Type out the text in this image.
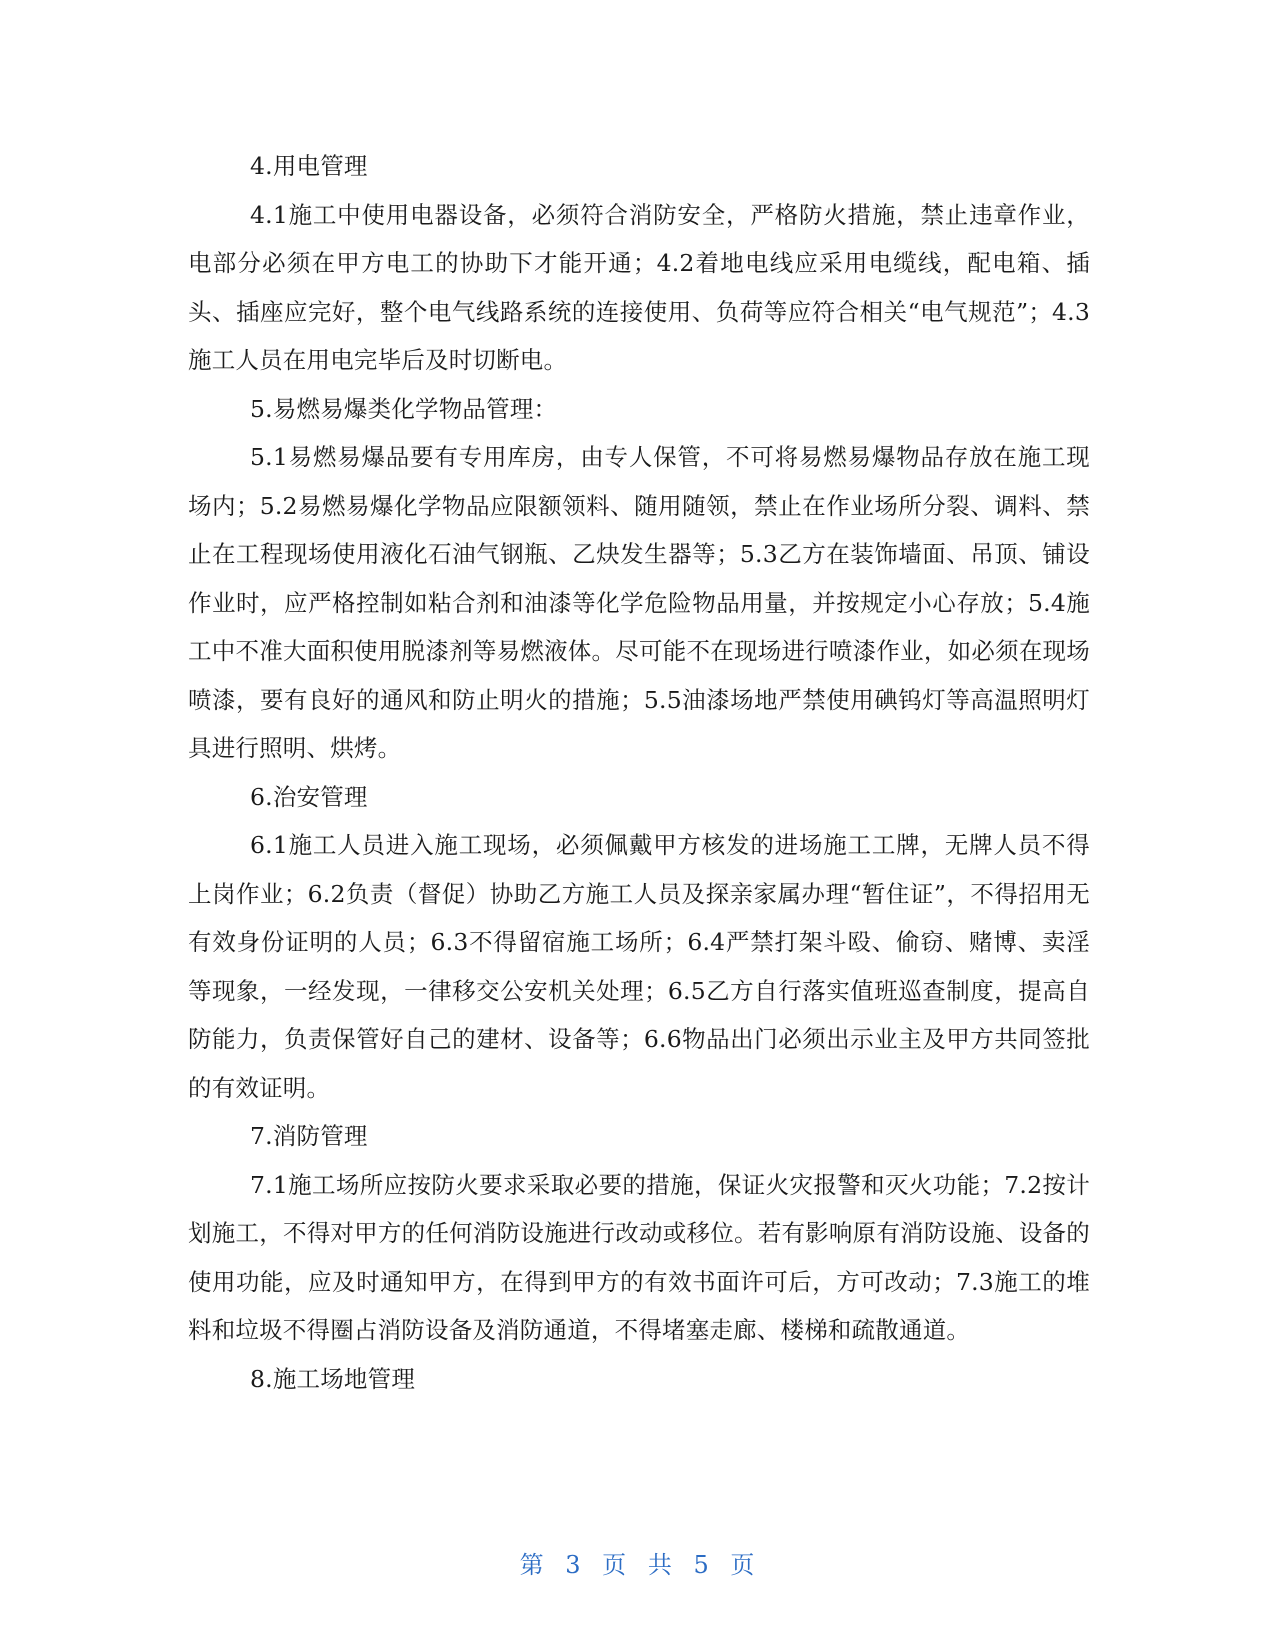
4.用电管理

4.1施工中使用电器设备，必须符合消防安全，严格防火措施，禁止违章作业，电部分必须在甲方电工的协助下才能开通；4.2着地电线应采用电缆线，配电箱、插头、插座应完好，整个电气线路系统的连接使用、负荷等应符合相关“电气规范”；4.3施工人员在用电完毕后及时切断电。

5.易燃易爆类化学物品管理：

5.1易燃易爆品要有专用库房，由专人保管，不可将易燃易爆物品存放在施工现场内；5.2易燃易爆化学物品应限额领料、随用随领，禁止在作业场所分裂、调料、禁止在工程现场使用液化石油气钢瓶、乙炔发生器等；5.3乙方在装饰墙面、吊顶、铺设作业时，应严格控制如粘合剂和油漆等化学危险物品用量，并按规定小心存放；5.4施工中不准大面积使用脱漆剂等易燃液体。尽可能不在现场进行喷漆作业，如必须在现场喷漆，要有良好的通风和防止明火的措施；5.5油漆场地严禁使用碘钨灯等高温照明灯具进行照明、烘烤。

6.治安管理

6.1施工人员进入施工现场，必须佩戴甲方核发的进场施工工牌，无牌人员不得上岗作业；6.2负责（督促）协助乙方施工人员及探亲家属办理“暂住证”，不得招用无有效身份证明的人员；6.3不得留宿施工场所；6.4严禁打架斗殴、偷窃、赌博、卖淫等现象，一经发现，一律移交公安机关处理；6.5乙方自行落实值班巡查制度，提高自防能力，负责保管好自己的建材、设备等；6.6物品出门必须出示业主及甲方共同签批的有效证明。

7.消防管理

7.1施工场所应按防火要求采取必要的措施，保证火灾报警和灭火功能；7.2按计划施工，不得对甲方的任何消防设施进行改动或移位。若有影响原有消防设施、设备的使用功能，应及时通知甲方，在得到甲方的有效书面许可后，方可改动；7.3施工的堆料和垃圾不得圈占消防设备及消防通道，不得堵塞走廊、楼梯和疏散通道。

8.施工场地管理

第 3 页 共 5 页
